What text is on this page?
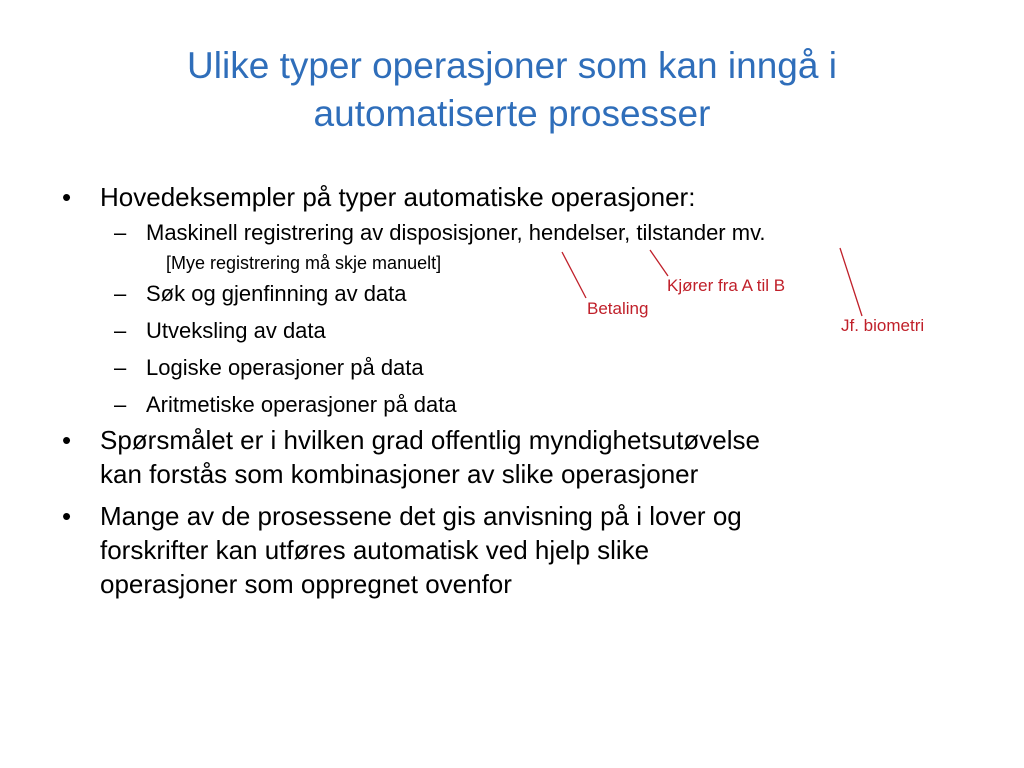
Ulike typer operasjoner som kan inngå i
automatiserte prosesser
• Hovedeksempler på typer automatiske operasjoner:
– Maskinell registrering av disposisjoner, hendelser, tilstander mv.
[Mye registrering må skje manuelt]
– Søk og gjenfinning av data
– Utveksling av data
– Logiske operasjoner på data
– Aritmetiske operasjoner på data
• Spørsmålet er i hvilken grad offentlig myndighetsutøvelse
kan forstås som kombinasjoner av slike operasjoner
• Mange av de prosessene det gis anvisning på i lover og
forskrifter kan utføres automatisk ved hjelp slike
operasjoner som oppregnet ovenfor
Betaling
Kjører fra A til B
Jf. biometri
